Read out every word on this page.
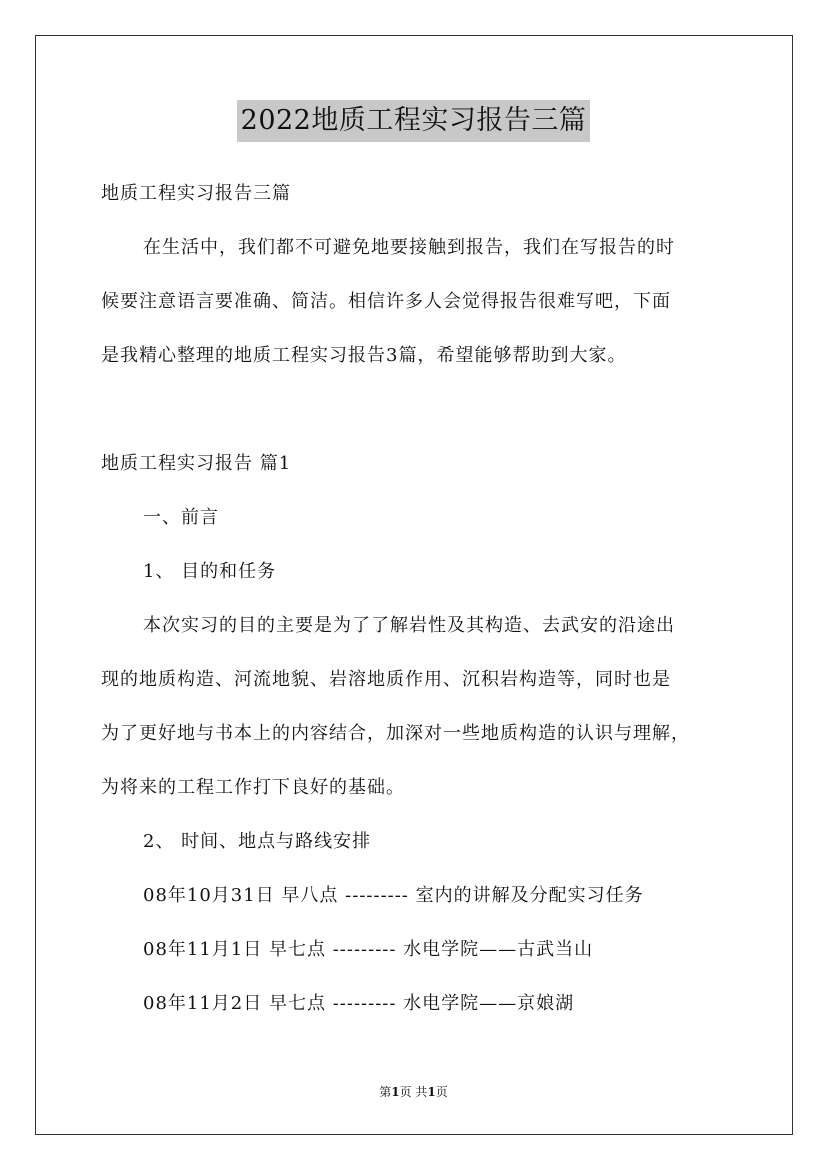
2022地质工程实习报告三篇
地质工程实习报告三篇
在生活中，我们都不可避免地要接触到报告，我们在写报告的时
候要注意语言要准确、简洁。相信许多人会觉得报告很难写吧，下面
是我精心整理的地质工程实习报告3篇，希望能够帮助到大家。
地质工程实习报告 篇1
一、前言
1、 目的和任务
本次实习的目的主要是为了了解岩性及其构造、去武安的沿途出
现的地质构造、河流地貌、岩溶地质作用、沉积岩构造等，同时也是
为了更好地与书本上的内容结合，加深对一些地质构造的认识与理解，
为将来的工程工作打下良好的基础。
2、 时间、地点与路线安排
08年10月31日 早八点 --------- 室内的讲解及分配实习任务
08年11月1日 早七点 --------- 水电学院——古武当山
08年11月2日 早七点 --------- 水电学院——京娘湖
第1页 共1页
